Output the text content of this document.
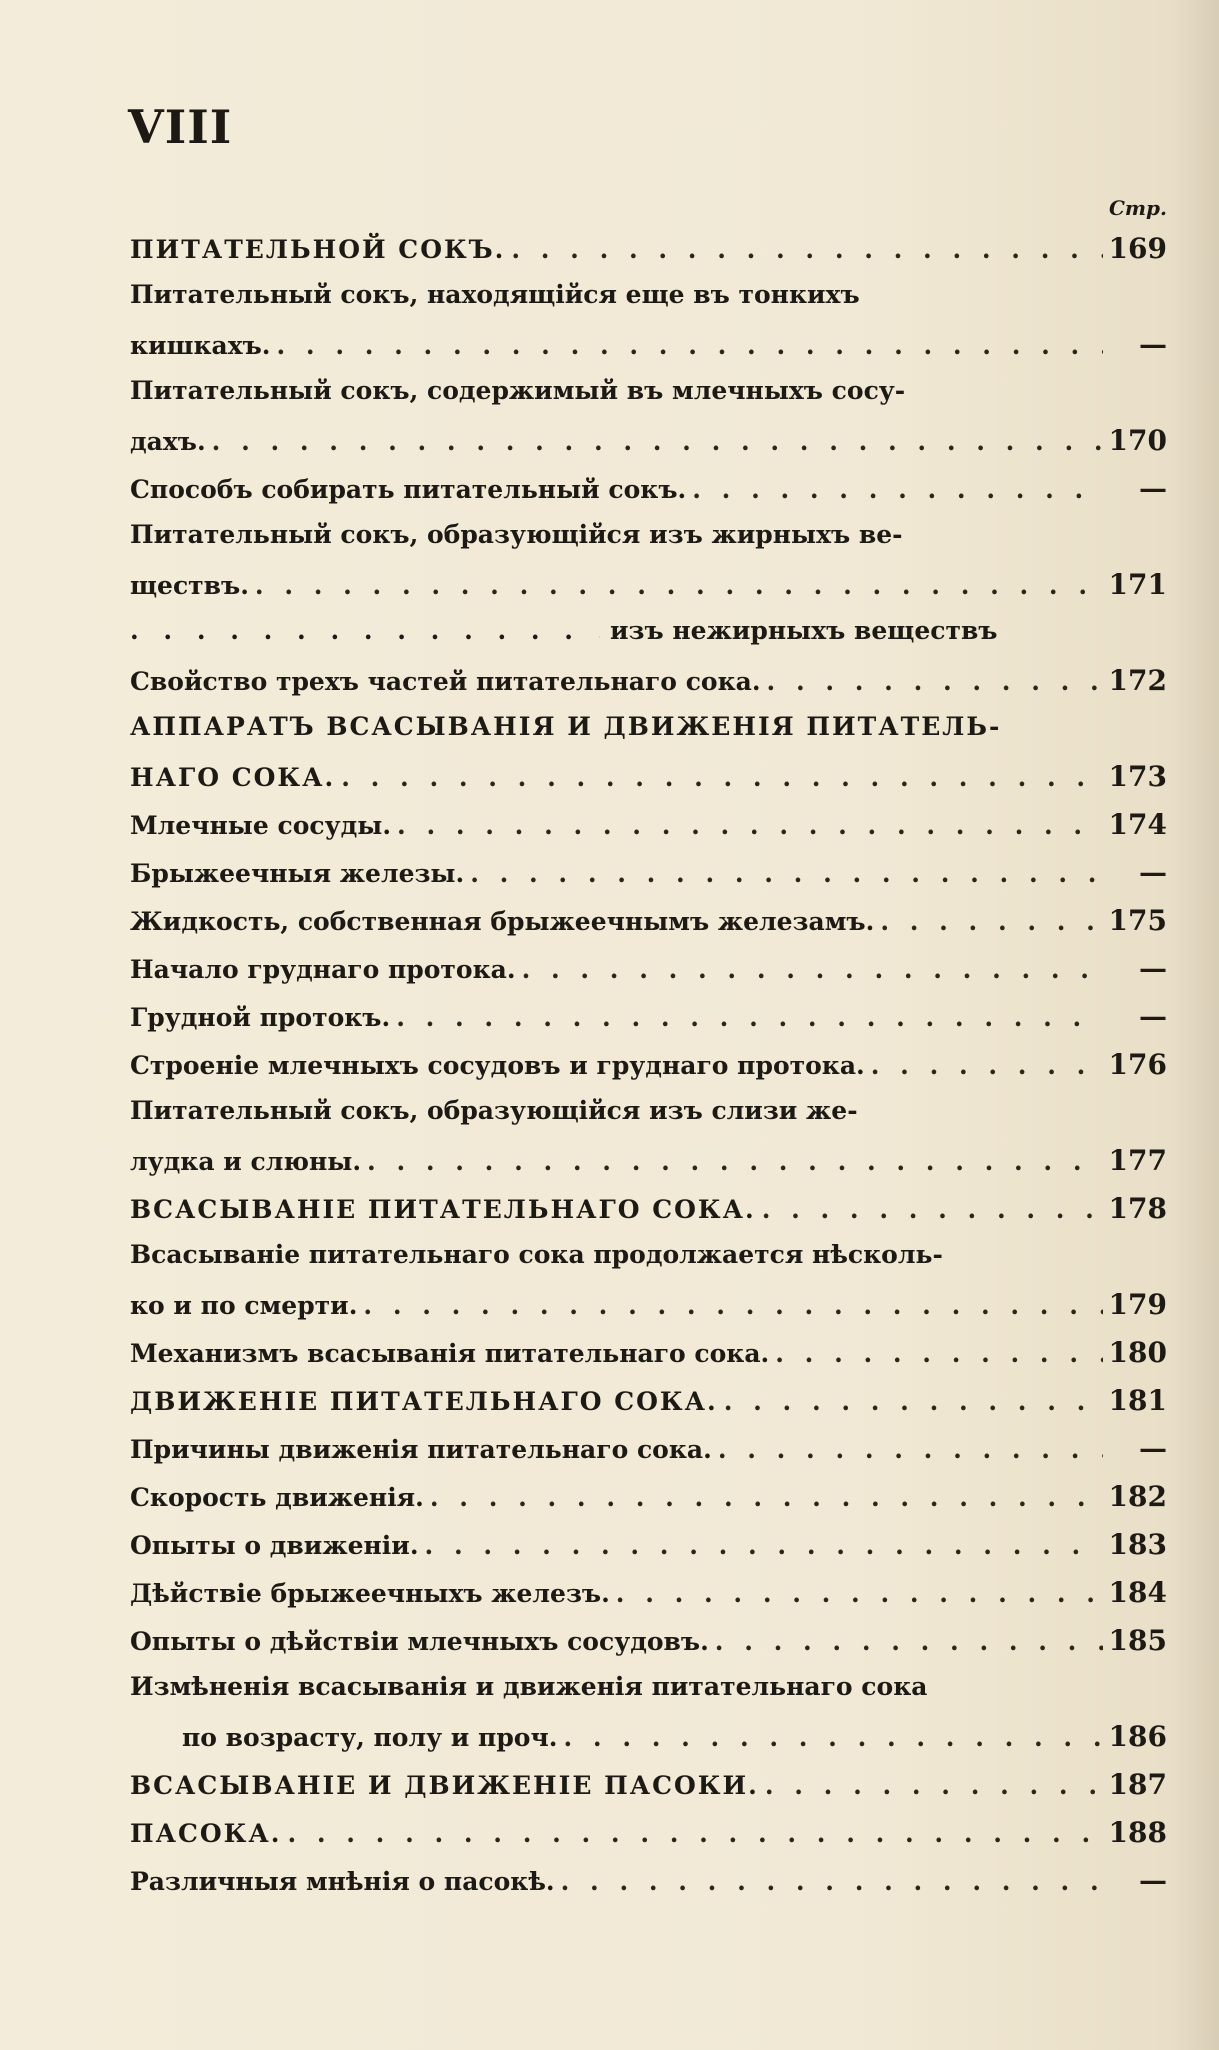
VIII
Стр.
ПИТАТЕЛЬНОЙ СОКЪ. . . .	169
Питательный сокъ, находящійся еще въ тонкихъ
кишкахъ. . . .	—
Питательный сокъ, содержимый въ млечныхъ сосу-
дахъ. . . .	170
Способъ собирать питательный сокъ. . . .	—
Питательный сокъ, образующійся изъ жирныхъ ве-
ществъ. . . .	171
. . .
изъ нежирныхъ веществъ
Свойство трехъ частей питательнаго сока. . . .	172
АППАРАТЪ ВСАСЫВАНІЯ И ДВИЖЕНІЯ ПИТАТЕЛЬ-
НАГО СОКА. . . .	173
Млечные сосуды. . . .	174
Брыжеечныя железы. . . .	—
Жидкость, собственная брыжеечнымъ железамъ. . . .	175
Начало груднаго протока. . . .	—
Грудной протокъ. . . .	—
Строеніе млечныхъ сосудовъ и груднаго протока. . . .	176
Питательный сокъ, образующійся изъ слизи же-
лудка и слюны. . . .	177
ВСАСЫВАНІЕ ПИТАТЕЛЬНАГО СОКА. . . .	178
Всасываніе питательнаго сока продолжается нѣсколь-
ко и по смерти. . . .	179
Механизмъ всасыванія питательнаго сока. . . .	180
ДВИЖЕНІЕ ПИТАТЕЛЬНАГО СОКА. . . .	181
Причины движенія питательнаго сока. . . .	—
Скорость движенія. . . .	182
Опыты о движеніи. . . .	183
Дѣйствіе брыжеечныхъ железъ. . . .	184
Опыты о дѣйствіи млечныхъ сосудовъ. . . .	185
Измѣненія всасыванія и движенія питательнаго сока
по возрасту, полу и проч. . . .	186
ВСАСЫВАНІЕ И ДВИЖЕНІЕ ПАСОКИ. . . .	187
ПАСОКА. . . .	188
Различныя мнѣнія о пасокѣ. . . .	—
